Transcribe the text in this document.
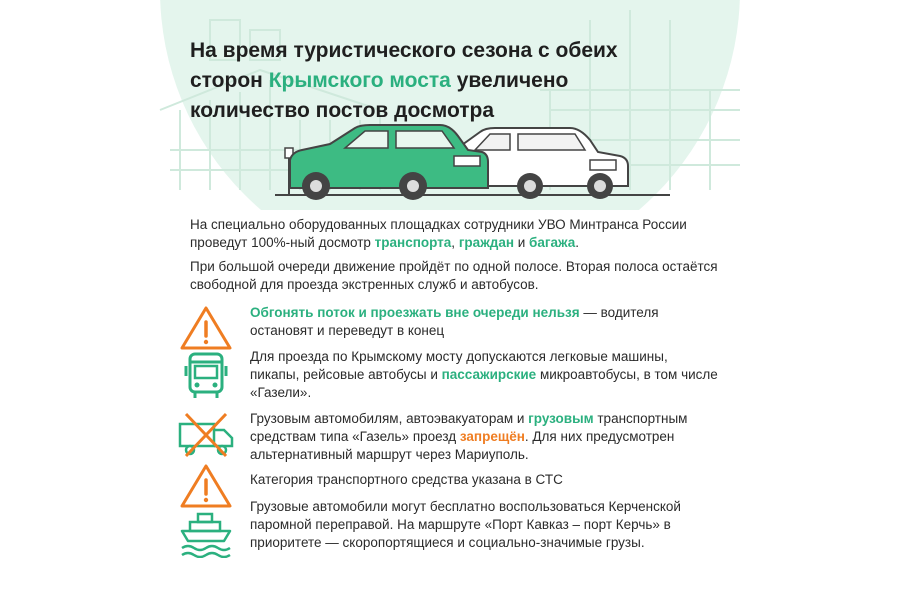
На время туристического сезона с обеих
сторон Крымского моста увеличено
количество постов досмотра

На специально оборудованных площадках сотрудники УВО Минтранса России проведут 100%-ный досмотр транспорта, граждан и багажа.

При большой очереди движение пройдёт по одной полосе. Вторая полоса остаётся свободной для проезда экстренных служб и автобусов.

Обгонять поток и проезжать вне очереди нельзя — водителя остановят и переведут в конец

Для проезда по Крымскому мосту допускаются легковые машины, пикапы, рейсовые автобусы и пассажирские микроавтобусы, в том числе «Газели».

Грузовым автомобилям, автоэвакуаторам и грузовым транспортным средствам типа «Газель» проезд запрещён. Для них предусмотрен альтернативный маршрут через Мариуполь.

Категория транспортного средства указана в СТС

Грузовые автомобили могут бесплатно воспользоваться Керченской паромной переправой. На маршруте «Порт Кавказ – порт Керчь» в приоритете — скоропортящиеся и социально-значимые грузы.
